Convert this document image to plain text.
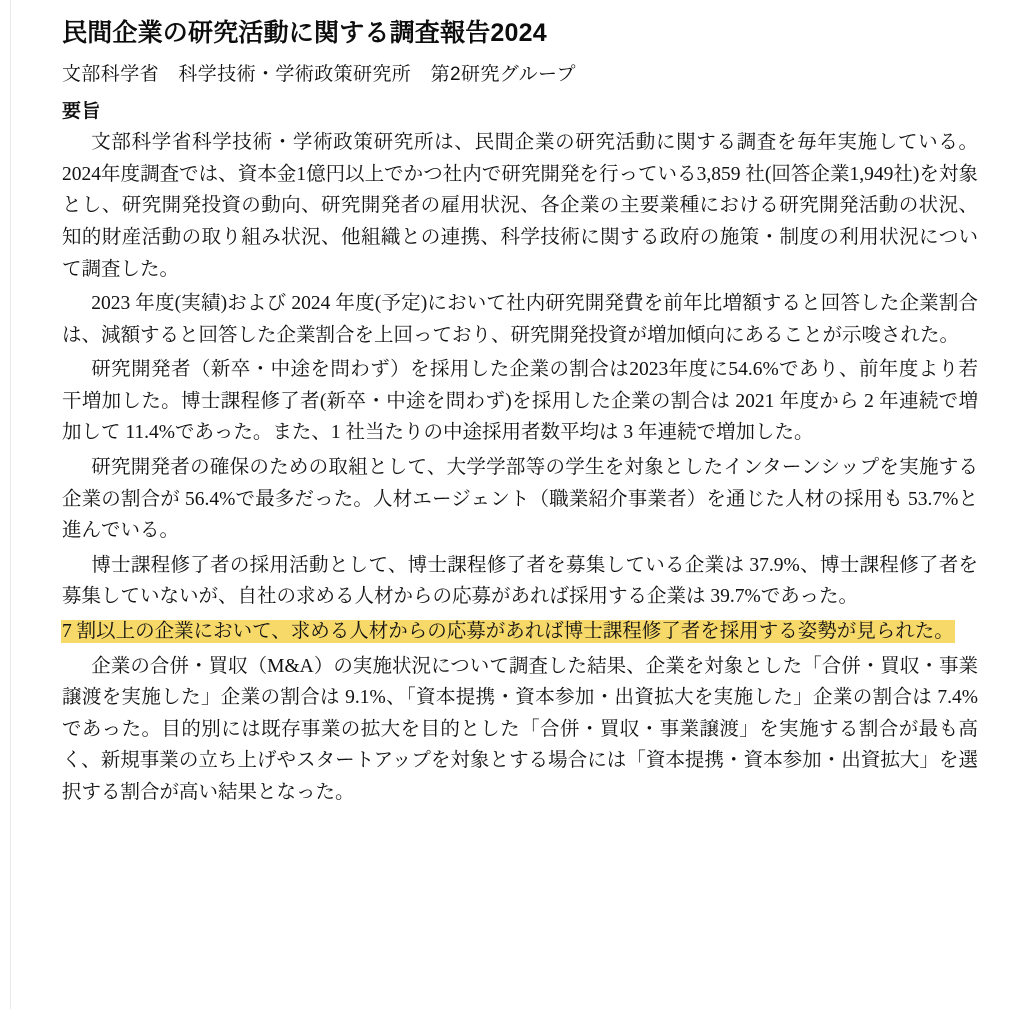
民間企業の研究活動に関する調査報告2024
文部科学省　科学技術・学術政策研究所　第2研究グループ
要旨

文部科学省科学技術・学術政策研究所は、民間企業の研究活動に関する調査を毎年実施している。2024年度調査では、資本金1億円以上でかつ社内で研究開発を行っている3,859 社(回答企業1,949社)を対象とし、研究開発投資の動向、研究開発者の雇用状況、各企業の主要業種における研究開発活動の状況、知的財産活動の取り組み状況、他組織との連携、科学技術に関する政府の施策・制度の利用状況について調査した。

2023 年度(実績)および 2024 年度(予定)において社内研究開発費を前年比増額すると回答した企業割合は、減額すると回答した企業割合を上回っており、研究開発投資が増加傾向にあることが示唆された。

研究開発者（新卒・中途を問わず）を採用した企業の割合は2023年度に54.6%であり、前年度より若干増加した。博士課程修了者(新卒・中途を問わず)を採用した企業の割合は 2021 年度から 2 年連続で増加して 11.4%であった。また、1 社当たりの中途採用者数平均は 3 年連続で増加した。

研究開発者の確保のための取組として、大学学部等の学生を対象としたインターンシップを実施する企業の割合が 56.4%で最多だった。人材エージェント（職業紹介事業者）を通じた人材の採用も 53.7%と進んでいる。

博士課程修了者の採用活動として、博士課程修了者を募集している企業は 37.9%、博士課程修了者を募集していないが、自社の求める人材からの応募があれば採用する企業は 39.7%であった。

7 割以上の企業において、求める人材からの応募があれば博士課程修了者を採用する姿勢が見られた。

企業の合併・買収（M&A）の実施状況について調査した結果、企業を対象とした「合併・買収・事業譲渡を実施した」企業の割合は 9.1%、「資本提携・資本参加・出資拡大を実施した」企業の割合は 7.4%であった。目的別には既存事業の拡大を目的とした「合併・買収・事業譲渡」を実施する割合が最も高く、新規事業の立ち上げやスタートアップを対象とする場合には「資本提携・資本参加・出資拡大」を選択する割合が高い結果となった。
